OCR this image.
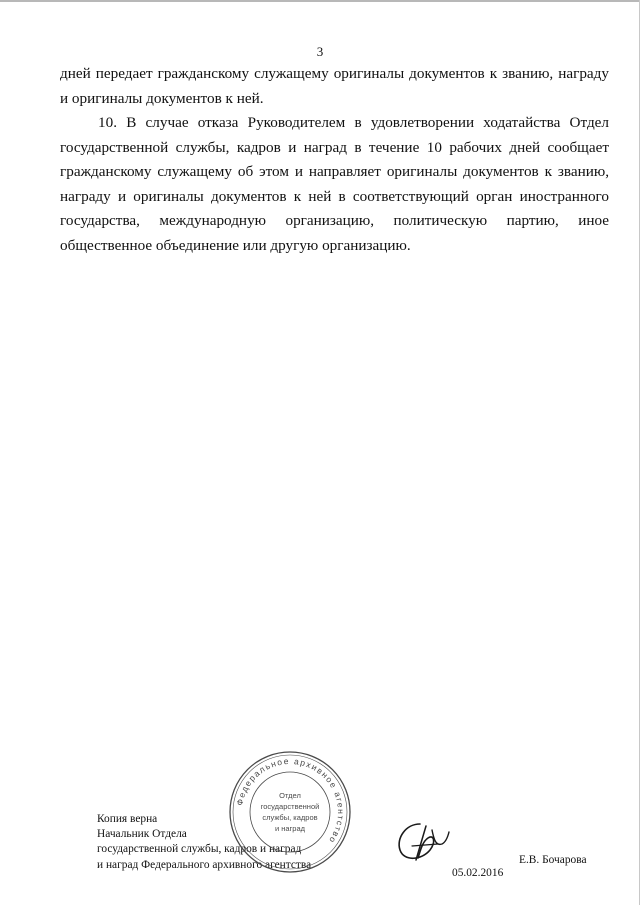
3

дней передает гражданскому служащему оригиналы документов к званию, награду и оригиналы документов к ней.

10. В случае отказа Руководителем в удовлетворении ходатайства Отдел государственной службы, кадров и наград в течение 10 рабочих дней сообщает гражданскому служащему об этом и направляет оригиналы документов к званию, награду и оригиналы документов к ней в соответствующий орган иностранного государства, международную организацию, политическую партию, иное общественное объединение или другую организацию.

Копия верна
Начальник Отдела
государственной службы, кадров и наград
и наград Федерального архивного агентства
Федеральное архивное агентство
Отдел
государственной
службы, кадров
и наград
Е.В. Бочарова
05.02.2016
